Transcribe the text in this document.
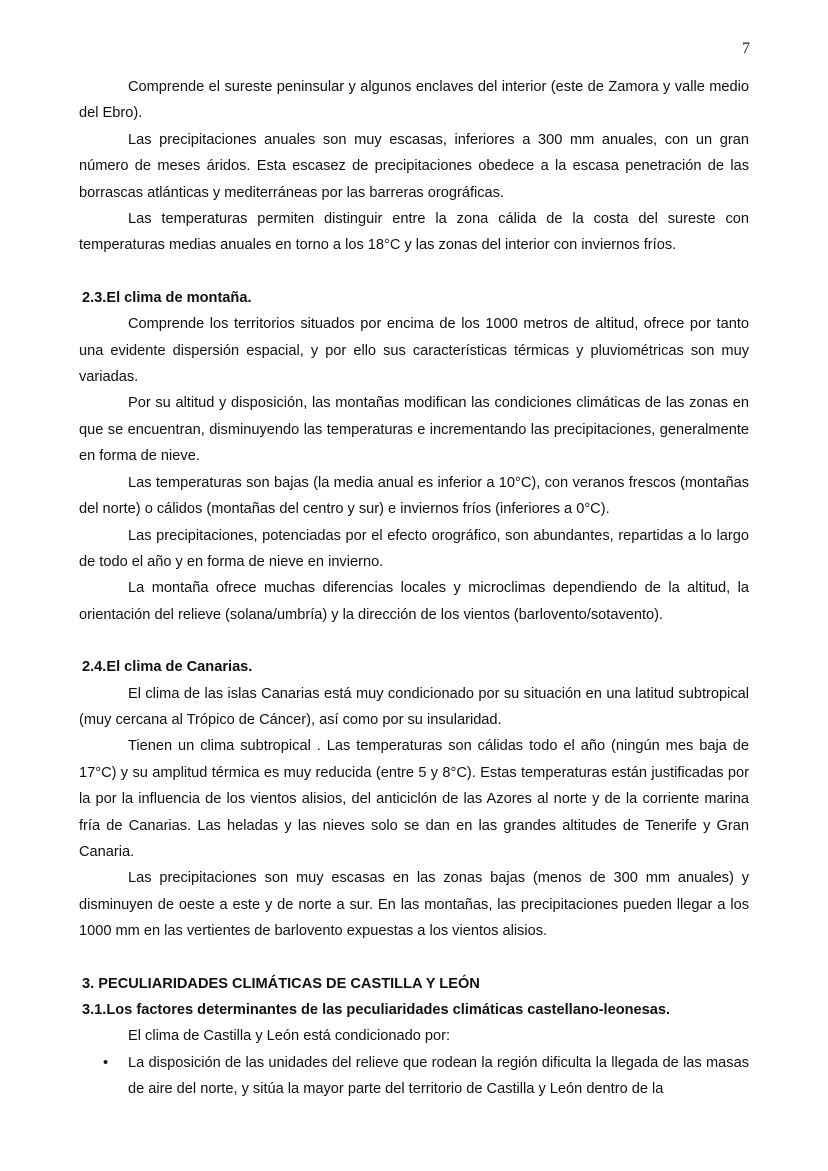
7

Comprende el sureste peninsular y algunos enclaves del interior (este de Zamora y valle medio del Ebro).

Las precipitaciones anuales son muy escasas, inferiores a 300 mm anuales, con un gran número de meses áridos. Esta escasez de precipitaciones obedece a la escasa penetración de las borrascas atlánticas y mediterráneas por las barreras orográficas.

Las temperaturas permiten distinguir entre la zona cálida de la costa del sureste con temperaturas medias anuales en torno a los 18°C y las zonas del interior con inviernos fríos.

2.3.El clima de montaña.

Comprende los territorios situados por encima de los 1000 metros de altitud, ofrece por tanto una evidente dispersión espacial, y por ello sus características térmicas y pluviométricas son muy variadas.

Por su altitud y disposición, las montañas modifican las condiciones climáticas de las zonas en que se encuentran, disminuyendo las temperaturas e incrementando las precipitaciones, generalmente en forma de nieve.

Las temperaturas son bajas (la media anual es inferior a 10°C), con veranos frescos (montañas del norte) o cálidos (montañas del centro y sur) e inviernos fríos (inferiores a 0°C).

Las precipitaciones, potenciadas por el efecto orográfico, son abundantes, repartidas a lo largo de todo el año y en forma de nieve en invierno.

La montaña ofrece muchas diferencias locales y microclimas dependiendo de la altitud, la orientación del relieve (solana/umbría) y la dirección de los vientos (barlovento/sotavento).

2.4.El clima de Canarias.

El clima de las islas Canarias está muy condicionado por su situación en una latitud subtropical (muy cercana al Trópico de Cáncer), así como por su insularidad.

Tienen un clima subtropical . Las temperaturas son cálidas todo el año (ningún mes baja de 17°C) y su amplitud térmica es muy reducida (entre 5 y 8°C). Estas temperaturas están justificadas por la por la influencia de los vientos alisios, del anticiclón de las Azores al norte y de la corriente marina fría de Canarias. Las heladas y las nieves solo se dan en las grandes altitudes de Tenerife y Gran Canaria.

Las precipitaciones son muy escasas en las zonas bajas (menos de 300 mm anuales) y disminuyen de oeste a este y de norte a sur. En las montañas, las precipitaciones pueden llegar a los 1000 mm en las vertientes de barlovento expuestas a los vientos alisios.

3. PECULIARIDADES CLIMÁTICAS DE CASTILLA Y LEÓN

3.1.Los factores determinantes de las peculiaridades climáticas castellano-leonesas.

El clima de Castilla y León está condicionado por:

• La disposición de las unidades del relieve que rodean la región dificulta la llegada de las masas de aire del norte, y sitúa la mayor parte del territorio de Castilla y León dentro de la
